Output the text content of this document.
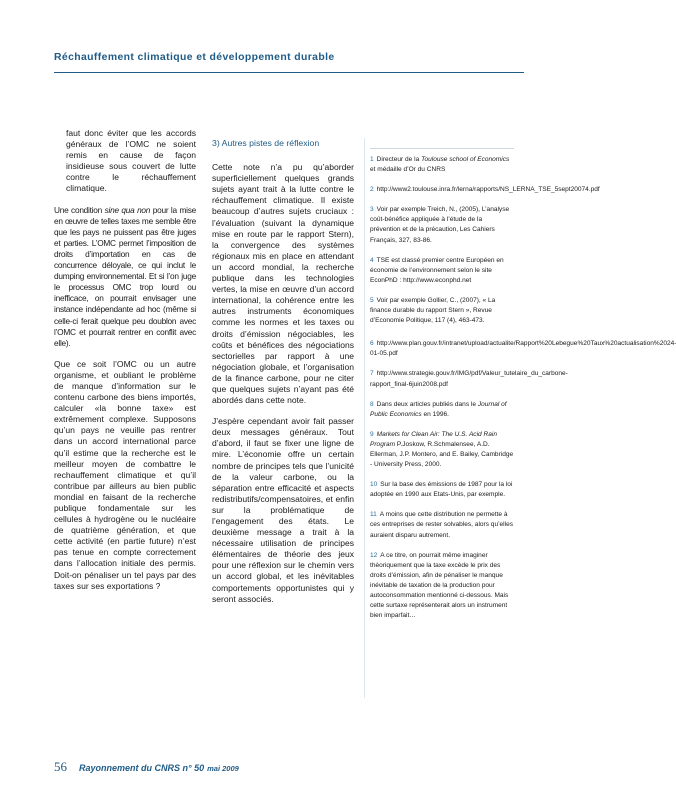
Réchauffement climatique et développement durable

faut donc éviter que les accords généraux de l’OMC ne soient remis en cause de façon insidieuse sous couvert de lutte contre le réchauffement climatique.

Une condition sine qua non pour la mise en œuvre de telles taxes me semble être que les pays ne puissent pas être juges et parties. L’OMC permet l’imposition de droits d’importation en cas de concurrence déloyale, ce qui inclut le dumping environnemental. Et si l’on juge le processus OMC trop lourd ou inefficace, on pourrait envisager une instance indépendante ad hoc (même si celle-ci ferait quelque peu doublon avec l’OMC et pourrait rentrer en conflit avec elle).

Que ce soit l’OMC ou un autre organisme, et oubliant le problème de manque d’information sur le contenu carbone des biens importés, calculer «la bonne taxe» est extrêmement complexe. Supposons qu’un pays ne veuille pas rentrer dans un accord international parce qu’il estime que la recherche est le meilleur moyen de combattre le rechauffement climatique et qu’il contribue par ailleurs au bien public mondial en faisant de la recherche publique fondamentale sur les cellules à hydrogène ou le nucléaire de quatrième génération, et que cette activité (en partie future) n’est pas tenue en compte correctement dans l’allocation initiale des permis. Doit-on pénaliser un tel pays par des taxes sur ses exportations ?

3) Autres pistes de réflexion

Cette note n’a pu qu’aborder superficiellement quelques grands sujets ayant trait à la lutte contre le réchauffement climatique. Il existe beaucoup d’autres sujets cruciaux : l’évaluation (suivant la dynamique mise en route par le rapport Stern), la convergence des systèmes régionaux mis en place en attendant un accord mondial, la recherche publique dans les technologies vertes, la mise en œuvre d’un accord international, la cohérence entre les autres instruments économiques comme les normes et les taxes ou droits d’émission négociables, les coûts et bénéfices des négociations sectorielles par rapport à une négociation globale, et l’organisation de la finance carbone, pour ne citer que quelques sujets n’ayant pas été abordés dans cette note.

J’espère cependant avoir fait passer deux messages généraux. Tout d’abord, il faut se fixer une ligne de mire. L’économie offre un certain nombre de principes tels que l’unicité de la valeur carbone, ou la séparation entre efficacité et aspects redistributifs/compensatoires, et enfin sur la problématique de l’engagement des états. Le deuxième message a trait à la nécessaire utilisation de principes élémentaires de théorie des jeux pour une réflexion sur le chemin vers un accord global, et les inévitables comportements opportunistes qui y seront associés.

1 Directeur de la Toulouse school of Economics et médaille d’Or du CNRS

2 http://www2.toulouse.inra.fr/lerna/rapports/NS_LERNA_TSE_5sept20074.pdf

3 Voir par exemple Treich, N., (2005), L’analyse coût-bénéfice appliquée à l’étude de la prévention et de la précaution, Les Cahiers Français, 327, 83-86.

4 TSE est classé premier centre Européen en économie de l’environnement selon le site EconPhD : http://www.econphd.net

5 Voir par exemple Gollier, C., (2007), « La finance durable du rapport Stern », Revue d’Economie Politique, 117 (4), 463-473.

6 http://www.plan.gouv.fr/intranet/upload/actualite/Rapport%20Lebegue%20Taux%20actualisation%2024-01-05.pdf

7 http://www.strategie.gouv.fr/IMG/pdf/Valeur_tutelaire_du_carbone-rapport_final-6juin2008.pdf

8 Dans deux articles publiés dans le Journal of Public Economics en 1996.

9 Markets for Clean Air: The U.S. Acid Rain Program P.Joskow, R.Schmalensee, A.D. Ellerman, J.P. Montero, and E. Bailey, Cambridge - University Press, 2000.

10 Sur la base des émissions de 1987 pour la loi adoptée en 1990 aux Etats-Unis, par exemple.

11 A moins que cette distribution ne permette à ces entreprises de rester solvables, alors qu’elles auraient disparu autrement.

12 A ce titre, on pourrait même imaginer théoriquement que la taxe excède le prix des droits d’émission, afin de pénaliser le manque inévitable de taxation de la production pour autoconsommation mentionné ci-dessous. Mais cette surtaxe représenterait alors un instrument bien imparfait…

56 Rayonnement du CNRS n° 50 mai 2009
